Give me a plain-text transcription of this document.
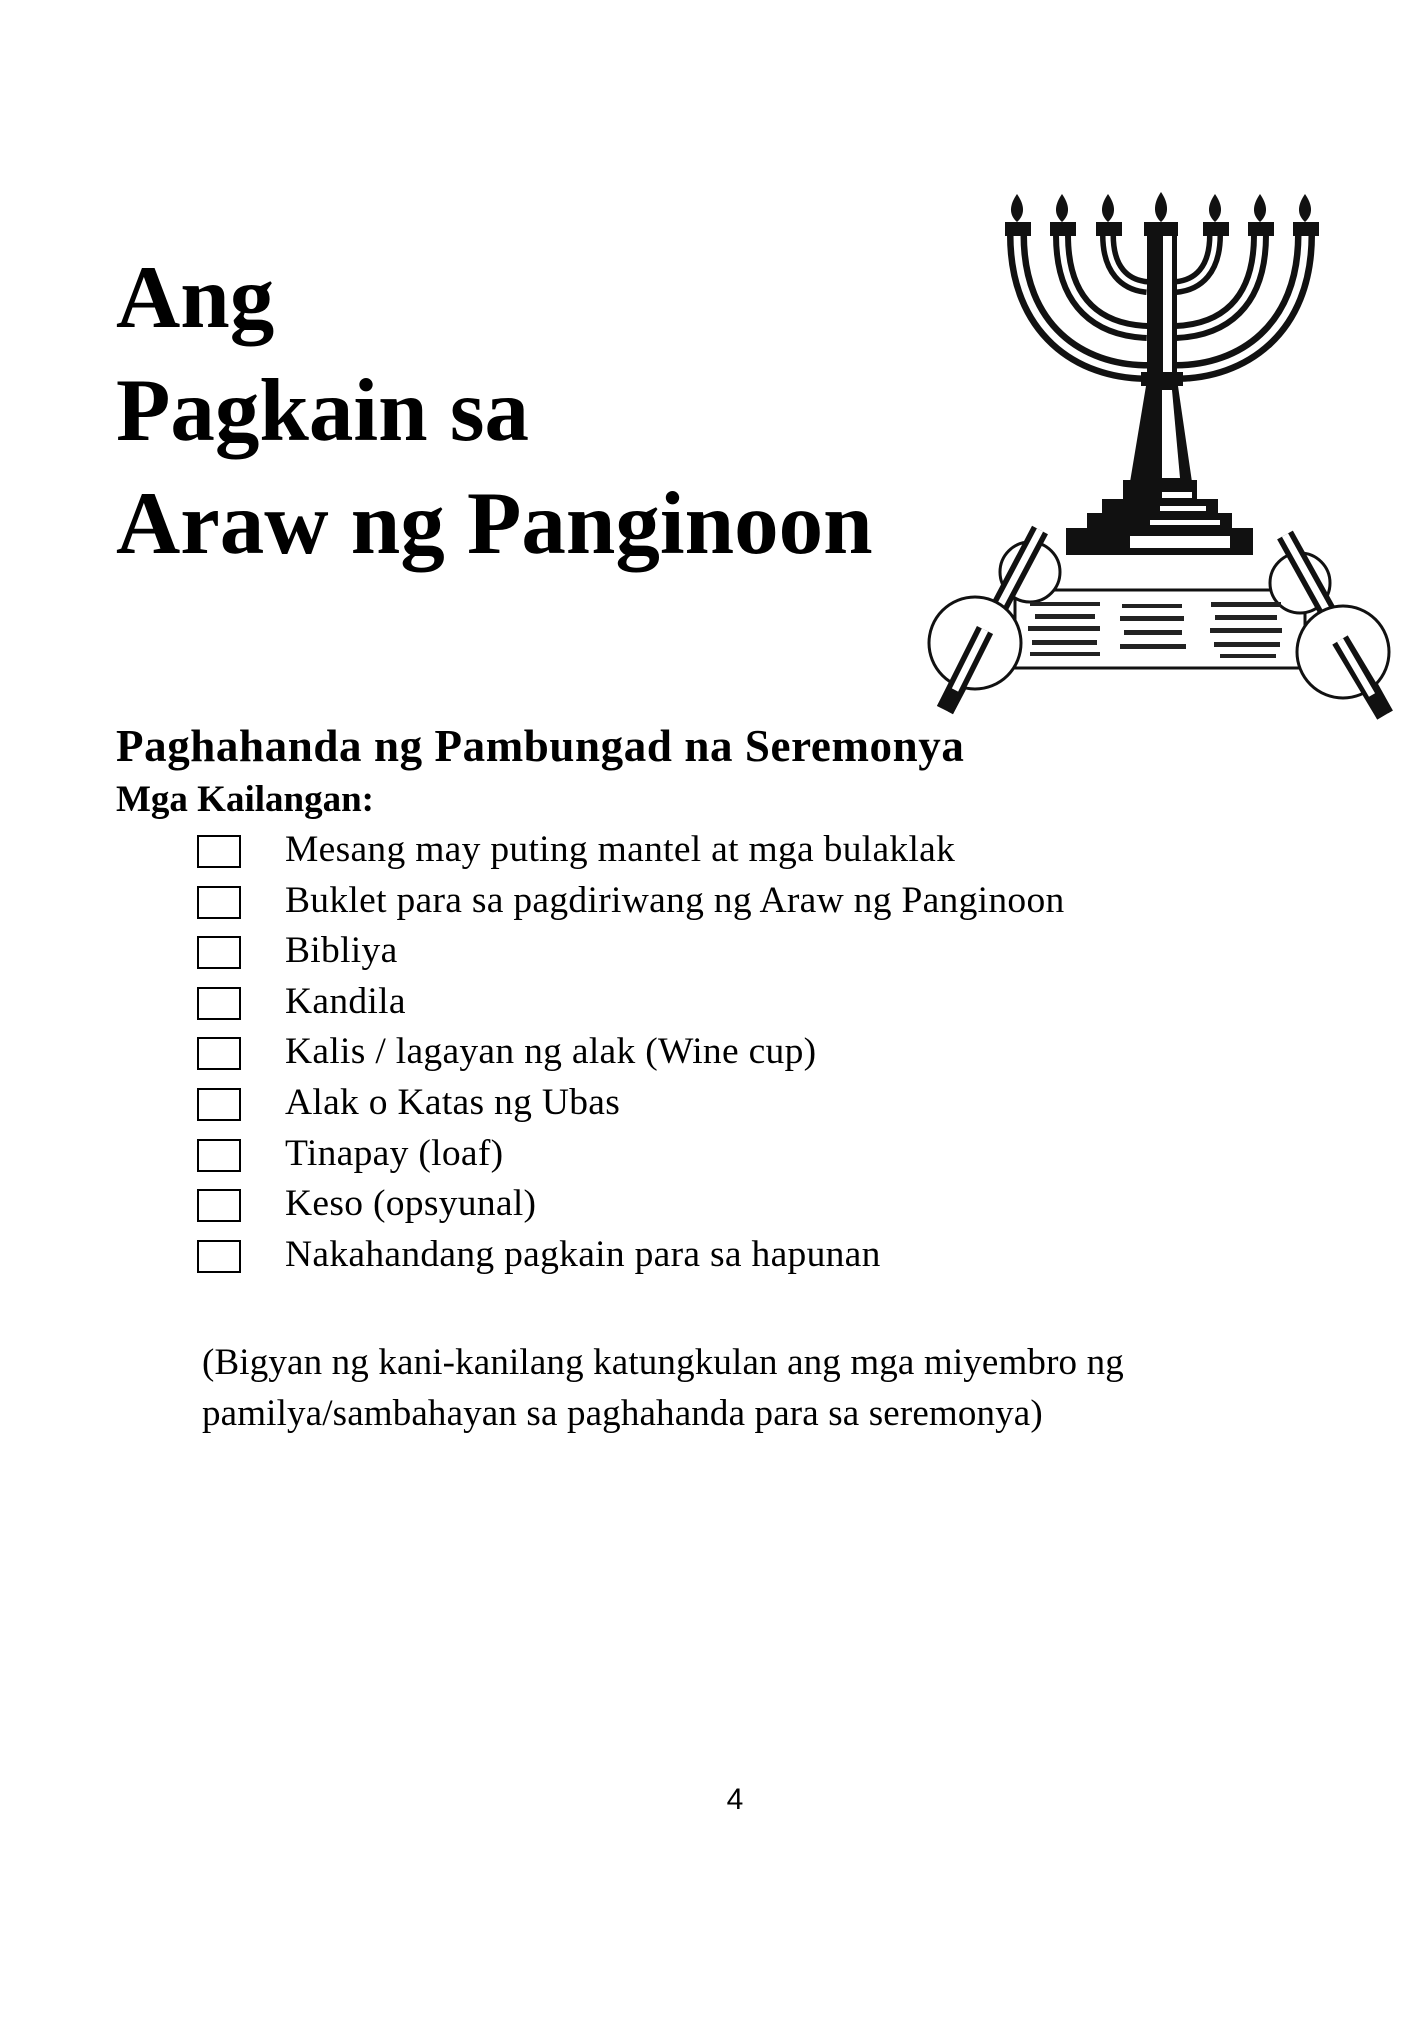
Ang
Pagkain sa
Araw ng Panginoon
Paghahanda ng Pambungad na Seremonya
Mga Kailangan:
Mesang may puting mantel at mga bulaklak
Buklet para sa pagdiriwang ng Araw ng Panginoon
Bibliya
Kandila
Kalis / lagayan ng alak (Wine cup)
Alak o Katas ng Ubas
Tinapay (loaf)
Keso (opsyunal)
Nakahandang pagkain para sa hapunan

(Bigyan ng kani-kanilang katungkulan ang mga miyembro ng
pamilya/sambahayan sa paghahanda para sa seremonya)

4
